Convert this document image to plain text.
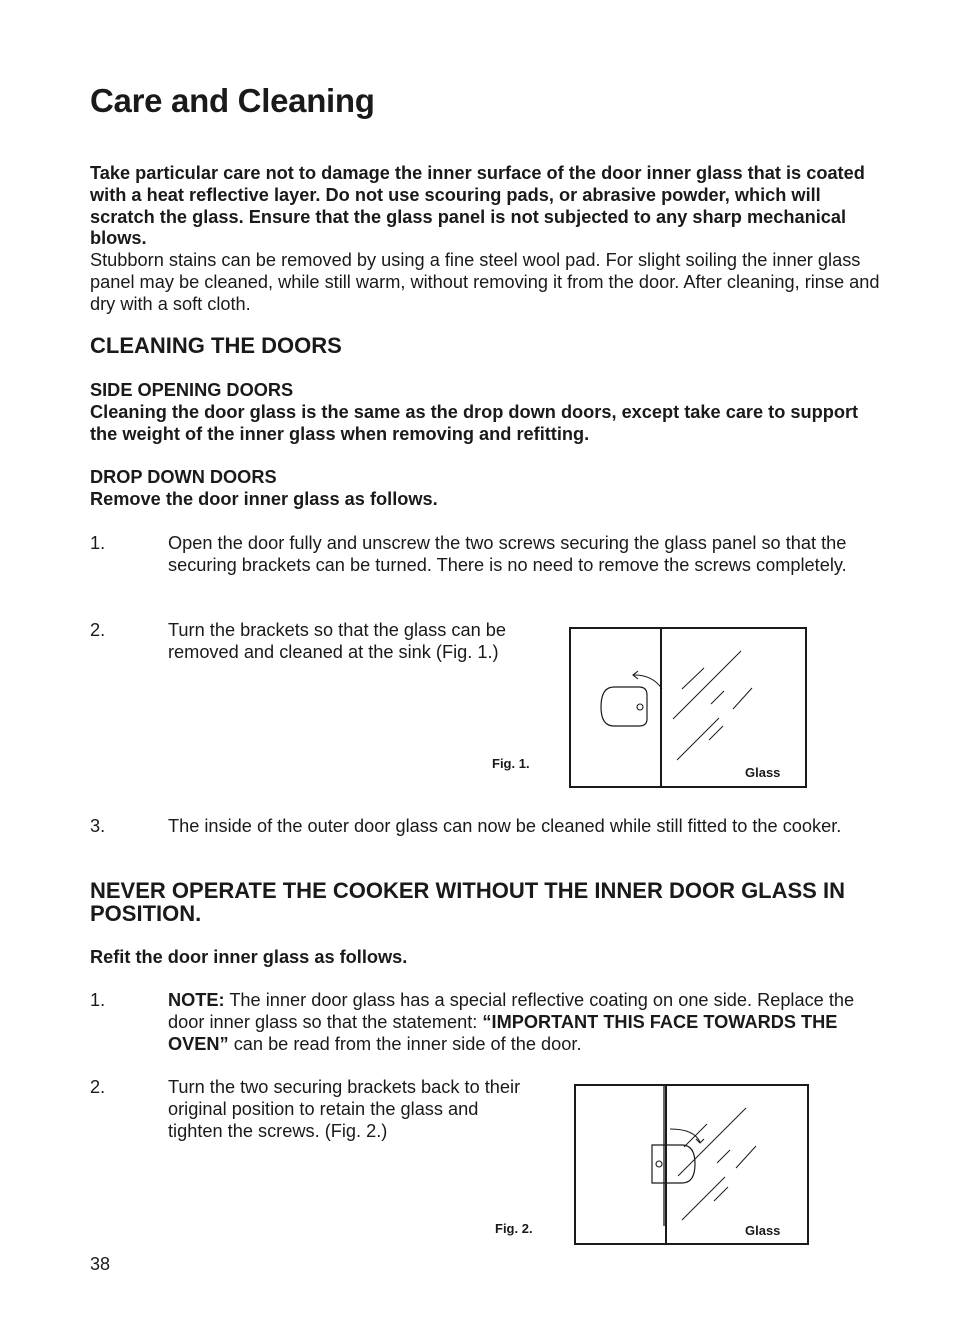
Care and Cleaning
Take particular care not to damage the inner surface of the door inner glass that is coated with a heat reflective layer. Do not use scouring pads, or abrasive powder, which will scratch the glass. Ensure that the glass panel is not subjected to any sharp mechanical blows.
Stubborn stains can be removed by using a fine steel wool pad. For slight soiling the inner glass panel may be cleaned, while still warm, without removing it from the door. After cleaning, rinse and dry with a soft cloth.
CLEANING THE DOORS
SIDE OPENING DOORS
Cleaning the door glass is the same as the drop down doors, except take care to support the weight of the inner glass when removing and refitting.
DROP DOWN DOORS
Remove the door inner glass as follows.
1.	Open the door fully and unscrew the two screws securing the glass panel so that the securing brackets can be turned. There is no need to remove the screws completely.
2.	Turn the brackets so that the glass can be removed and cleaned at the sink (Fig. 1.)
Fig. 1.
Glass
3.	The inside of the outer door glass can now be cleaned while still fitted to the cooker.
NEVER OPERATE THE COOKER WITHOUT THE INNER DOOR GLASS IN POSITION.
Refit the door inner glass as follows.
1.	NOTE: The inner door glass has a special reflective coating on one side. Replace the door inner glass so that the statement: “IMPORTANT THIS FACE TOWARDS THE OVEN” can be read from the inner side of the door.
2.	Turn the two securing brackets back to their original position to retain the glass and tighten the screws. (Fig. 2.)
Fig. 2.	Glass
38
